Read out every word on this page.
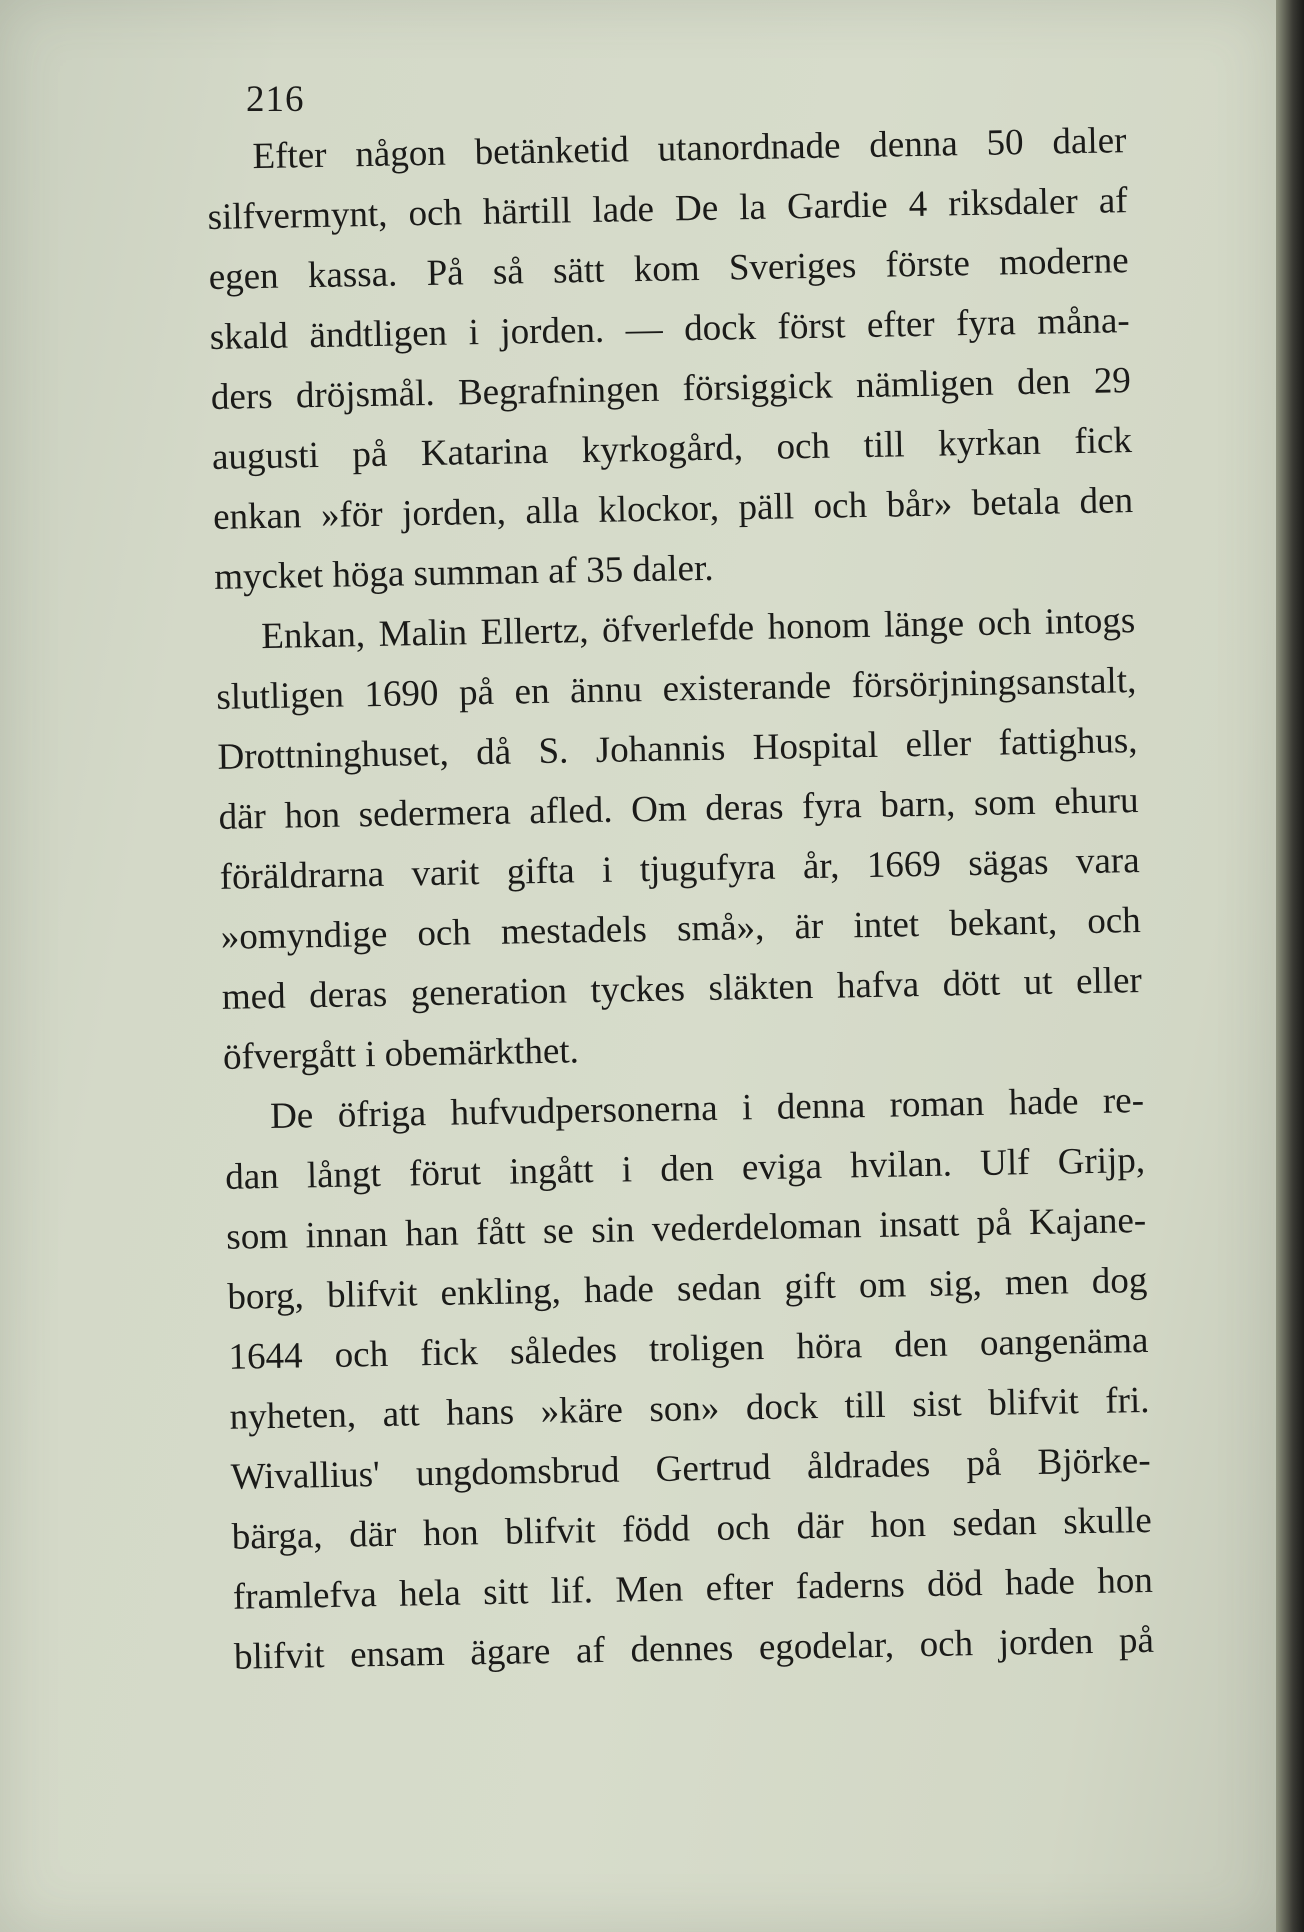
216
Efter någon betänketid utanordnade denna 50 daler
silfvermynt, och härtill lade De la Gardie 4 riksdaler af
egen kassa. På så sätt kom Sveriges förste moderne
skald ändtligen i jorden. — dock först efter fyra måna-
ders dröjsmål. Begrafningen försiggick nämligen den 29
augusti på Katarina kyrkogård, och till kyrkan fick
enkan »för jorden, alla klockor, päll och bår» betala den
mycket höga summan af 35 daler.
Enkan, Malin Ellertz, öfverlefde honom länge och intogs
slutligen 1690 på en ännu existerande försörjningsanstalt,
Drottninghuset, då S. Johannis Hospital eller fattighus,
där hon sedermera afled. Om deras fyra barn, som ehuru
föräldrarna varit gifta i tjugufyra år, 1669 sägas vara
»omyndige och mestadels små», är intet bekant, och
med deras generation tyckes släkten hafva dött ut eller
öfvergått i obemärkthet.
De öfriga hufvudpersonerna i denna roman hade re-
dan långt förut ingått i den eviga hvilan. Ulf Grijp,
som innan han fått se sin vederdeloman insatt på Kajane-
borg, blifvit enkling, hade sedan gift om sig, men dog
1644 och fick således troligen höra den oangenäma
nyheten, att hans »käre son» dock till sist blifvit fri.
Wivallius' ungdomsbrud Gertrud åldrades på Björke-
bärga, där hon blifvit född och där hon sedan skulle
framlefva hela sitt lif. Men efter faderns död hade hon
blifvit ensam ägare af dennes egodelar, och jorden på
